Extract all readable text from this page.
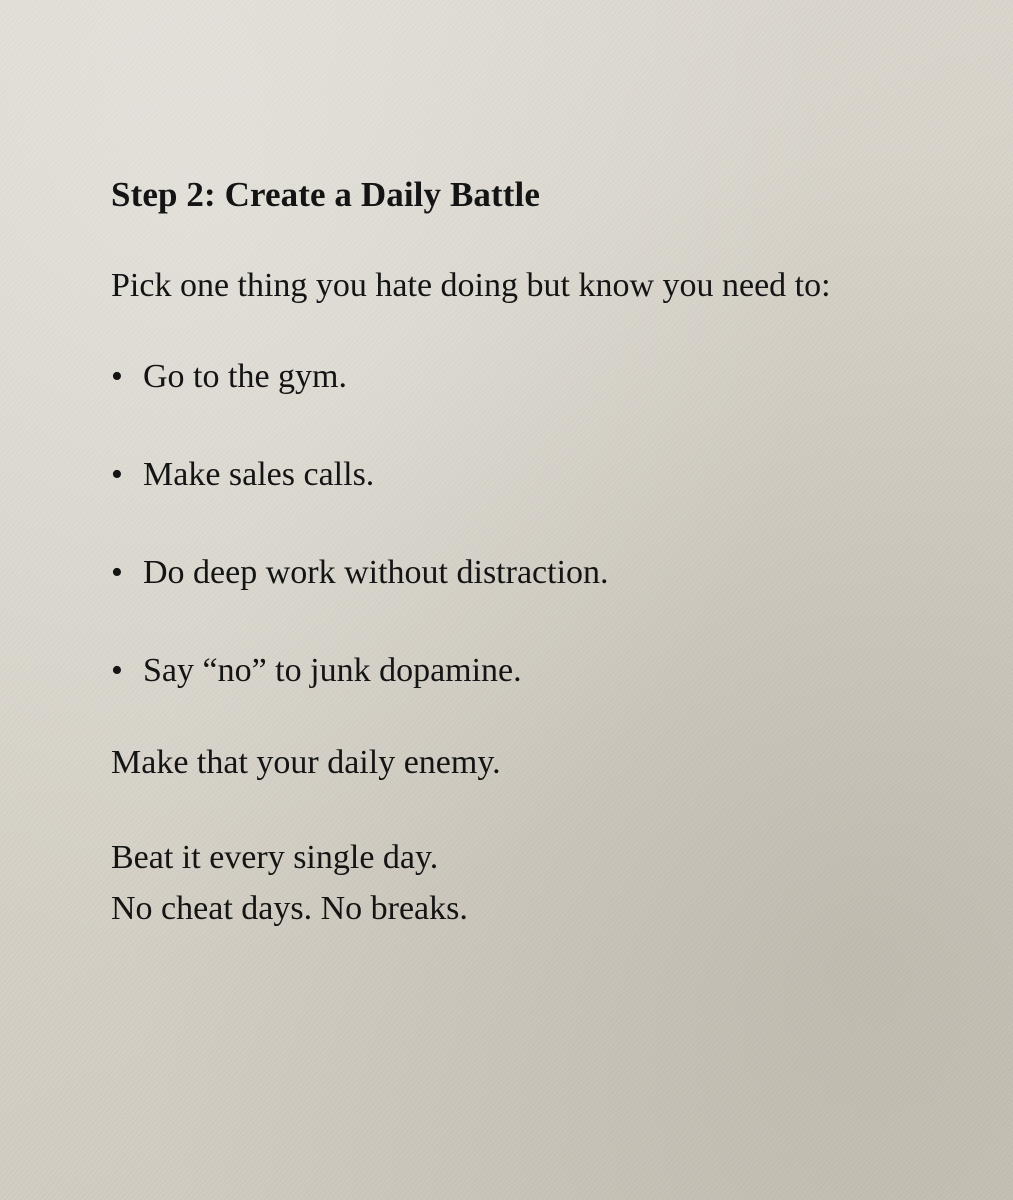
Step 2: Create a Daily Battle

Pick one thing you hate doing but know you need to:

• Go to the gym.
• Make sales calls.
• Do deep work without distraction.
• Say “no” to junk dopamine.

Make that your daily enemy.

Beat it every single day.
No cheat days. No breaks.
